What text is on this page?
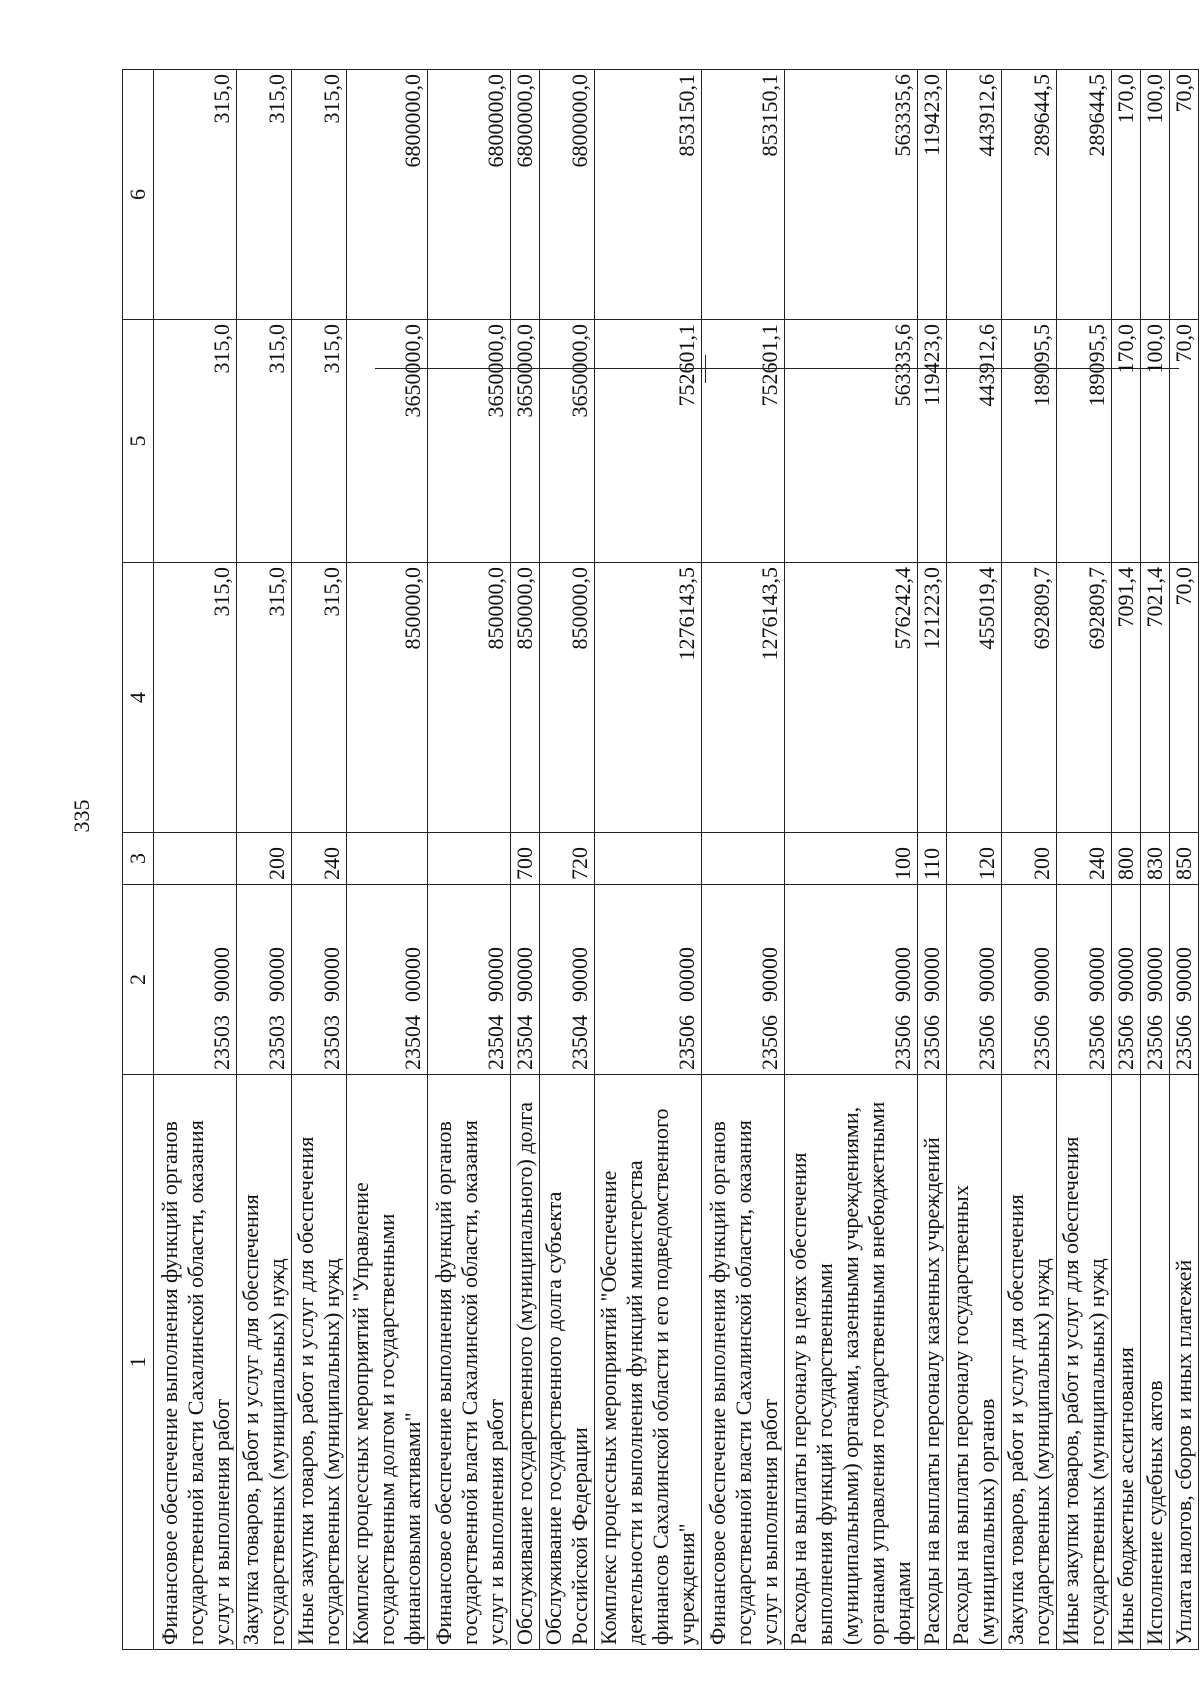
335
1	2	3	4	5	6
Финансовое обеспечение выполнения функций органов государственной власти Сахалинской области, оказания услуг и выполнения работ	2350390000		315,0	315,0	315,0
Закупка товаров, работ и услуг для обеспечения государственных (муниципальных) нужд	2350390000	200	315,0	315,0	315,0
Иные закупки товаров, работ и услуг для обеспечения государственных (муниципальных) нужд	2350390000	240	315,0	315,0	315,0
Комплекс процессных мероприятий "Управление государственным долгом и государственными финансовыми активами"	2350400000		850000,0	3650000,0	6800000,0
Финансовое обеспечение выполнения функций органов государственной власти Сахалинской области, оказания услуг и выполнения работ	2350490000		850000,0	3650000,0	6800000,0
Обслуживание государственного (муниципального) долга	2350490000	700	850000,0	3650000,0	6800000,0
Обслуживание государственного долга субъекта Российской Федерации	2350490000	720	850000,0	3650000,0	6800000,0
Комплекс процессных мероприятий "Обеспечение деятельности и выполнения функций министерства финансов Сахалинской области и его подведомственного учреждения"	2350600000		1276143,5	752601,1	853150,1
Финансовое обеспечение выполнения функций органов государственной власти Сахалинской области, оказания услуг и выполнения работ	2350690000		1276143,5	752601,1	853150,1
Расходы на выплаты персоналу в целях обеспечения выполнения функций государственными (муниципальными) органами, казенными учреждениями, органами управления государственными внебюджетными фондами	2350690000	100	576242,4	563335,6	563335,6
Расходы на выплаты персоналу казенных учреждений	2350690000	110	121223,0	119423,0	119423,0
Расходы на выплаты персоналу государственных (муниципальных) органов	2350690000	120	455019,4	443912,6	443912,6
Закупка товаров, работ и услуг для обеспечения государственных (муниципальных) нужд	2350690000	200	692809,7	189095,5	289644,5
Иные закупки товаров, работ и услуг для обеспечения государственных (муниципальных) нужд	2350690000	240	692809,7	189095,5	289644,5
Иные бюджетные ассигнования	2350690000	800	7091,4	170,0	170,0
Исполнение судебных актов	2350690000	830	7021,4	100,0	100,0
Уплата налогов, сборов и иных платежей	2350690000	850	70,0	70,0	70,0
